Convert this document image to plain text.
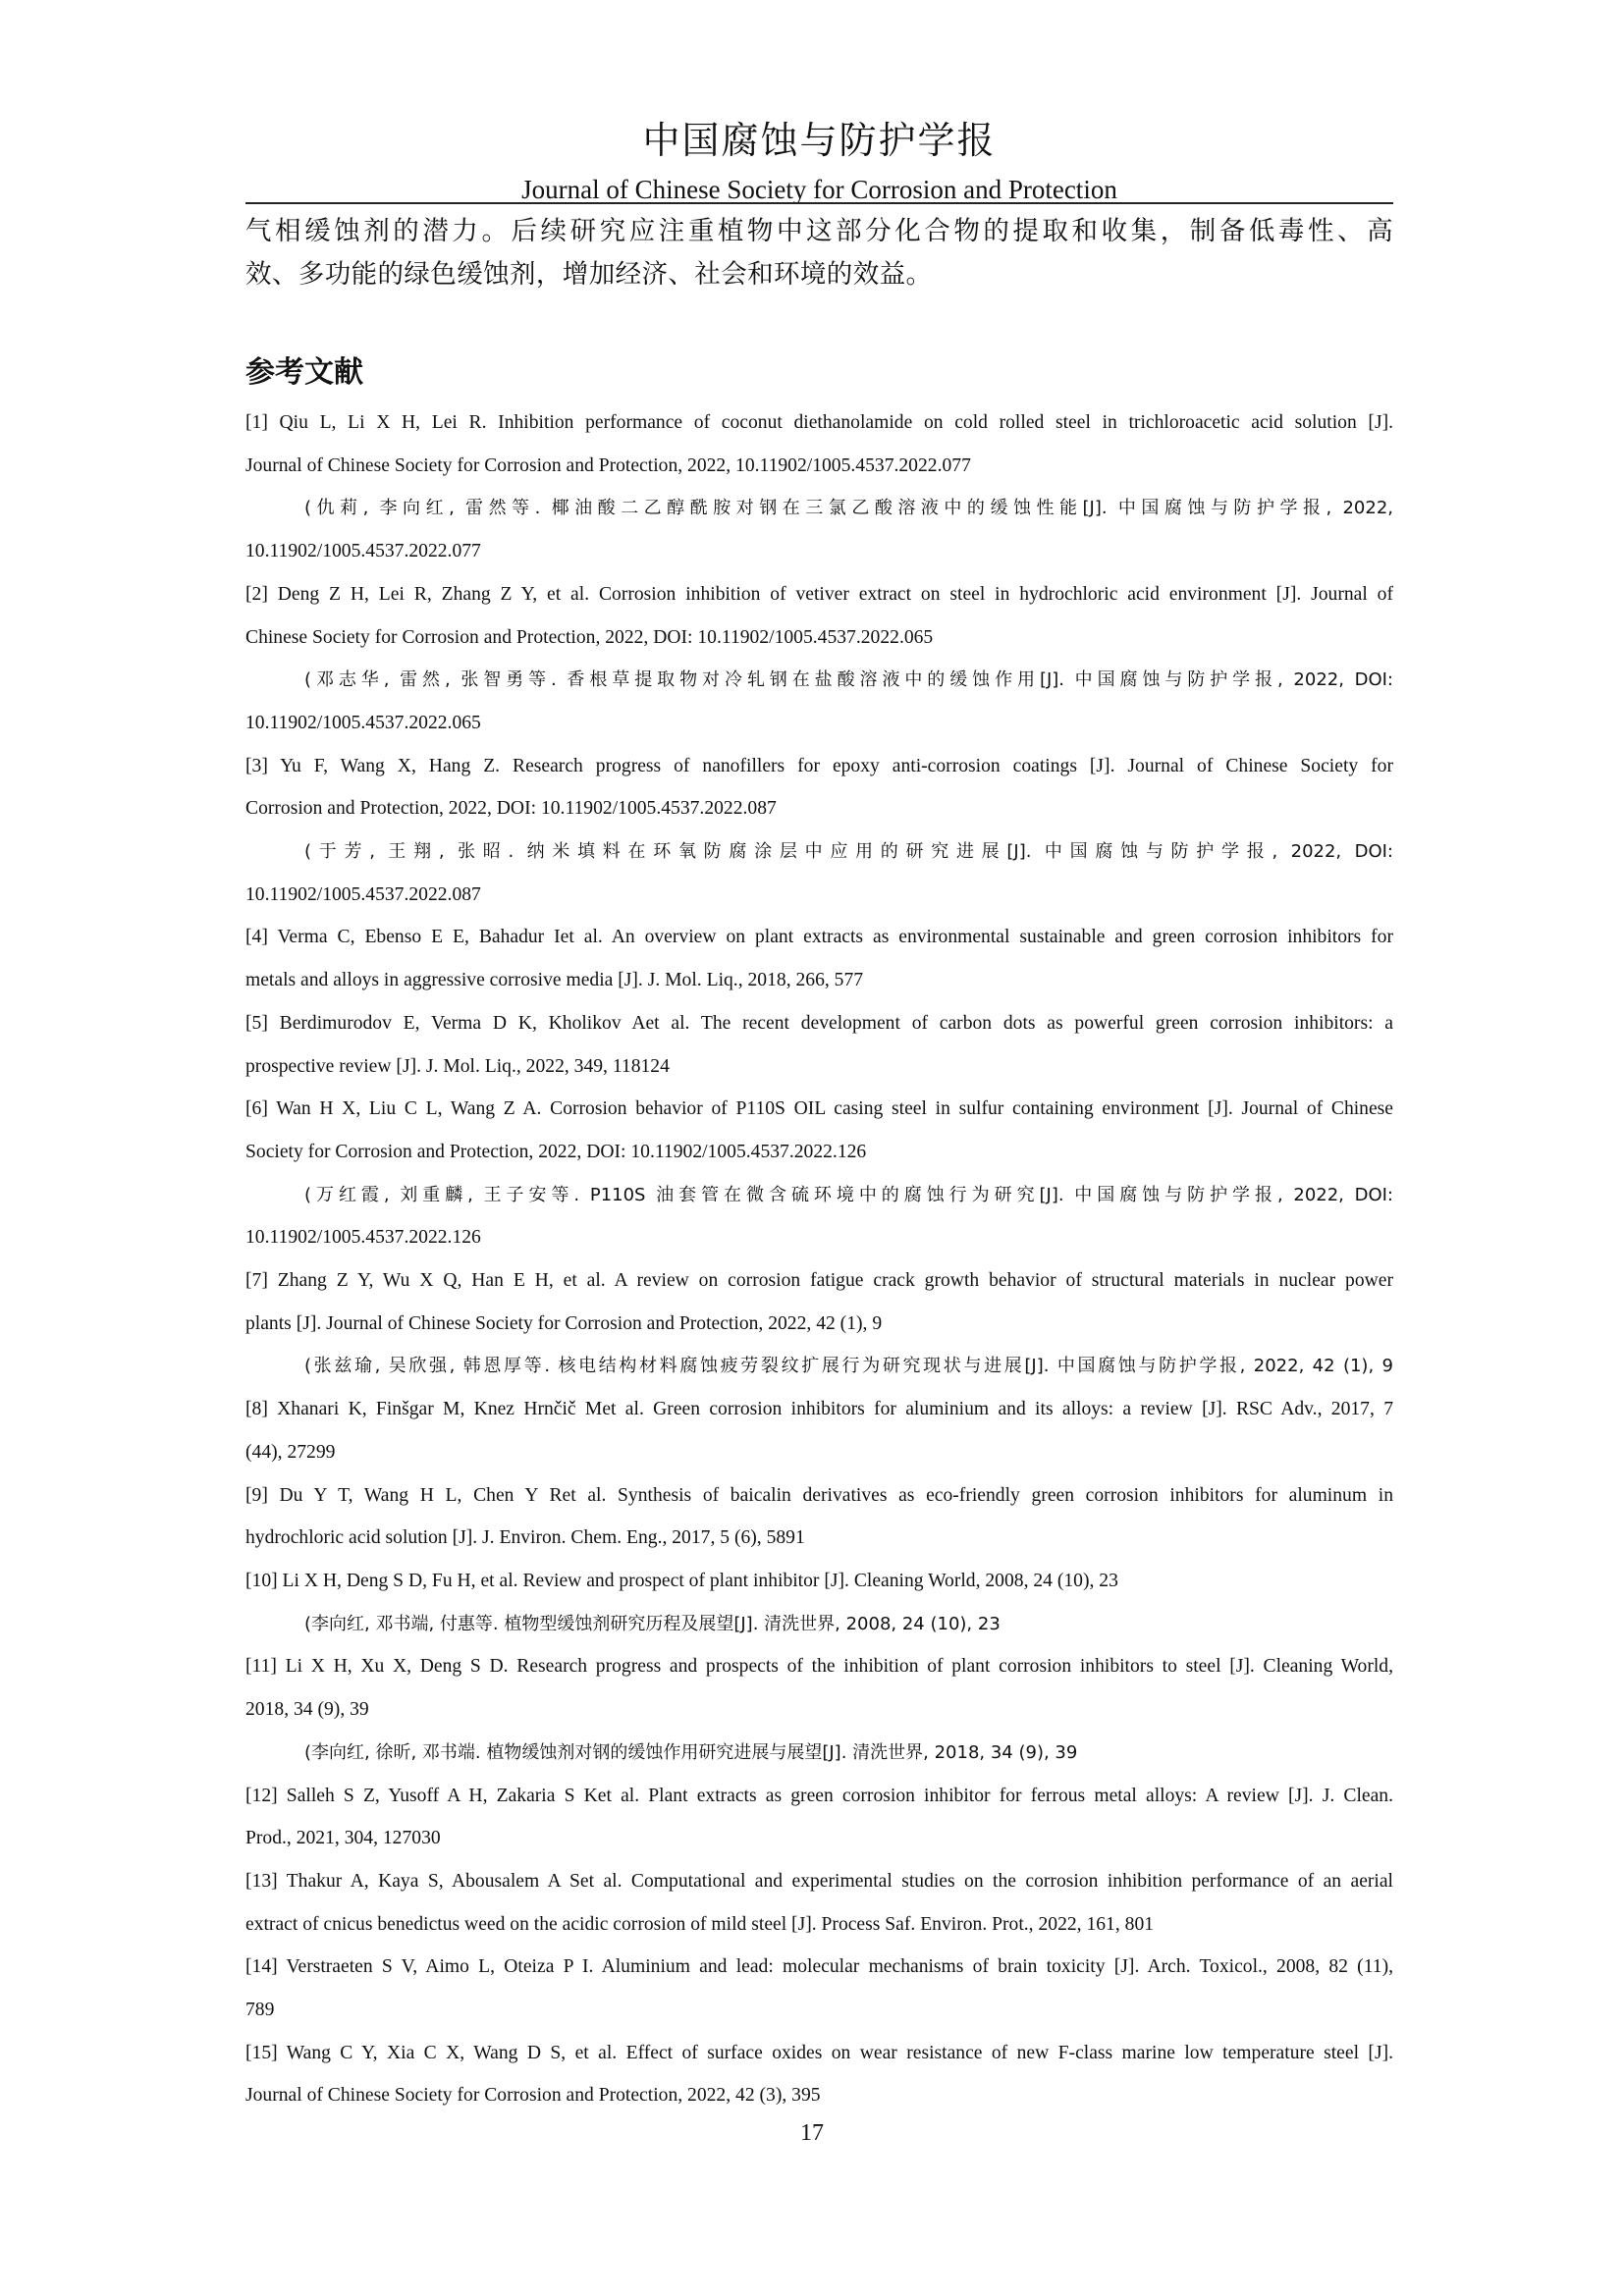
中国腐蚀与防护学报
Journal of Chinese Society for Corrosion and Protection
气相缓蚀剂的潜力。后续研究应注重植物中这部分化合物的提取和收集，制备低毒性、高
效、多功能的绿色缓蚀剂，增加经济、社会和环境的效益。
参考文献
[1] Qiu L, Li X H, Lei R. Inhibition performance of coconut diethanolamide on cold rolled steel in trichloroacetic acid solution [J].
Journal of Chinese Society for Corrosion and Protection, 2022, 10.11902/1005.4537.2022.077
(仇莉, 李向红, 雷然等. 椰油酸二乙醇酰胺对钢在三氯乙酸溶液中的缓蚀性能[J]. 中国腐蚀与防护学报, 2022,
10.11902/1005.4537.2022.077
[2] Deng Z H, Lei R, Zhang Z Y, et al. Corrosion inhibition of vetiver extract on steel in hydrochloric acid environment [J]. Journal of
Chinese Society for Corrosion and Protection, 2022, DOI: 10.11902/1005.4537.2022.065
(邓志华, 雷然, 张智勇等. 香根草提取物对冷轧钢在盐酸溶液中的缓蚀作用[J]. 中国腐蚀与防护学报, 2022, DOI:
10.11902/1005.4537.2022.065
[3] Yu F, Wang X, Hang Z. Research progress of nanofillers for epoxy anti-corrosion coatings [J]. Journal of Chinese Society for
Corrosion and Protection, 2022, DOI: 10.11902/1005.4537.2022.087
(于芳, 王翔, 张昭. 纳米填料在环氧防腐涂层中应用的研究进展[J]. 中国腐蚀与防护学报, 2022, DOI:
10.11902/1005.4537.2022.087
[4] Verma C, Ebenso E E, Bahadur Iet al. An overview on plant extracts as environmental sustainable and green corrosion inhibitors for
metals and alloys in aggressive corrosive media [J]. J. Mol. Liq., 2018, 266, 577
[5] Berdimurodov E, Verma D K, Kholikov Aet al. The recent development of carbon dots as powerful green corrosion inhibitors: a
prospective review [J]. J. Mol. Liq., 2022, 349, 118124
[6] Wan H X, Liu C L, Wang Z A. Corrosion behavior of P110S OIL casing steel in sulfur containing environment [J]. Journal of Chinese
Society for Corrosion and Protection, 2022, DOI: 10.11902/1005.4537.2022.126
(万红霞, 刘重麟, 王子安等. P110S 油套管在微含硫环境中的腐蚀行为研究[J]. 中国腐蚀与防护学报, 2022, DOI:
10.11902/1005.4537.2022.126
[7] Zhang Z Y, Wu X Q, Han E H, et al. A review on corrosion fatigue crack growth behavior of structural materials in nuclear power
plants [J]. Journal of Chinese Society for Corrosion and Protection, 2022, 42 (1), 9
(张兹瑜, 吴欣强, 韩恩厚等. 核电结构材料腐蚀疲劳裂纹扩展行为研究现状与进展[J]. 中国腐蚀与防护学报, 2022, 42 (1), 9
[8] Xhanari K, Finšgar M, Knez Hrnčič Met al. Green corrosion inhibitors for aluminium and its alloys: a review [J]. RSC Adv., 2017, 7
(44), 27299
[9] Du Y T, Wang H L, Chen Y Ret al. Synthesis of baicalin derivatives as eco-friendly green corrosion inhibitors for aluminum in
hydrochloric acid solution [J]. J. Environ. Chem. Eng., 2017, 5 (6), 5891
[10] Li X H, Deng S D, Fu H, et al. Review and prospect of plant inhibitor [J]. Cleaning World, 2008, 24 (10), 23
(李向红, 邓书端, 付惠等. 植物型缓蚀剂研究历程及展望[J]. 清洗世界, 2008, 24 (10), 23
[11] Li X H, Xu X, Deng S D. Research progress and prospects of the inhibition of plant corrosion inhibitors to steel [J]. Cleaning World,
2018, 34 (9), 39
(李向红, 徐昕, 邓书端. 植物缓蚀剂对钢的缓蚀作用研究进展与展望[J]. 清洗世界, 2018, 34 (9), 39
[12] Salleh S Z, Yusoff A H, Zakaria S Ket al. Plant extracts as green corrosion inhibitor for ferrous metal alloys: A review [J]. J. Clean.
Prod., 2021, 304, 127030
[13] Thakur A, Kaya S, Abousalem A Set al. Computational and experimental studies on the corrosion inhibition performance of an aerial
extract of cnicus benedictus weed on the acidic corrosion of mild steel [J]. Process Saf. Environ. Prot., 2022, 161, 801
[14] Verstraeten S V, Aimo L, Oteiza P I. Aluminium and lead: molecular mechanisms of brain toxicity [J]. Arch. Toxicol., 2008, 82 (11),
789
[15] Wang C Y, Xia C X, Wang D S, et al. Effect of surface oxides on wear resistance of new F-class marine low temperature steel [J].
Journal of Chinese Society for Corrosion and Protection, 2022, 42 (3), 395
17
